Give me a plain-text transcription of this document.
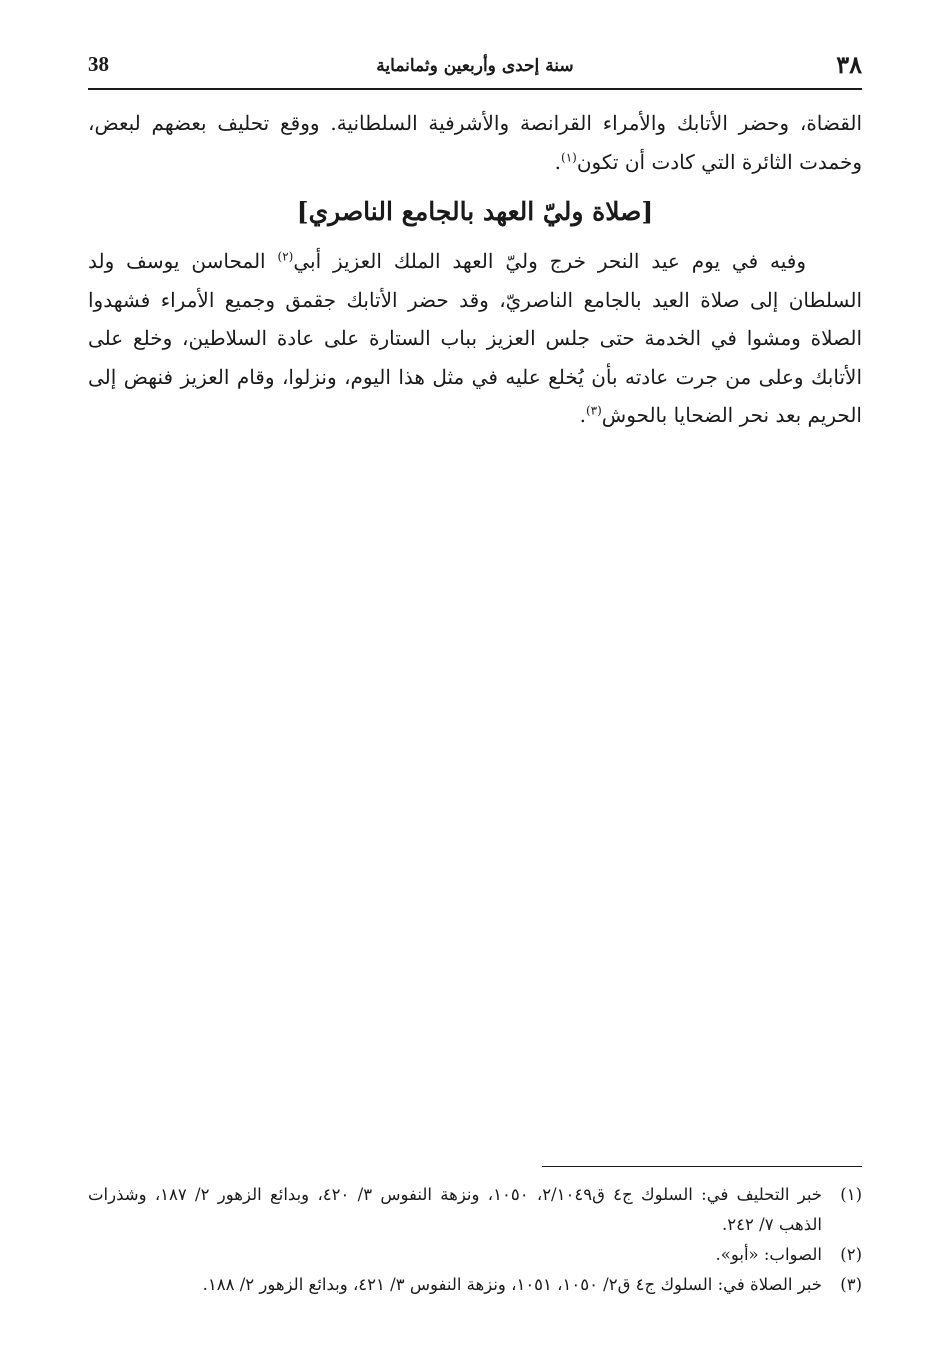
38	سنة إحدى وأربعين وثمانماية	٣٨

القضاة، وحضر الأتابك والأمراء القرانصة والأشرفية السلطانية. ووقع تحليف بعضهم لبعض، وخمدت الثائرة التي كادت أن تكون$^{(١)}$.

[صلاة وليّ العهد بالجامع الناصري]

وفيه في يوم عيد النحر خرج وليّ العهد الملك العزيز أبي$^{(٢)}$ المحاسن يوسف ولد السلطان إلى صلاة العيد بالجامع الناصريّ، وقد حضر الأتابك جقمق وجميع الأمراء فشهدوا الصلاة ومشوا في الخدمة حتى جلس العزيز بباب الستارة على عادة السلاطين، وخلع على الأتابك وعلى من جرت عادته بأن يُخلع عليه في مثل هذا اليوم، ونزلوا، وقام العزيز فنهض إلى الحريم بعد نحر الضحايا بالحوش$^{(٣)}$.

(١)
خبر التحليف في: السلوك ج٤ ق٢/١٠٤٩، ١٠٥٠، ونزهة النفوس ٣/ ٤٢٠، وبدائع الزهور ٢/ ١٨٧، وشذرات الذهب ٧/ ٢٤٢.
(٢)
الصواب: «أبو».
(٣)
خبر الصلاة في: السلوك ج٤ ق٢/ ١٠٥٠، ١٠٥١، ونزهة النفوس ٣/ ٤٢١، وبدائع الزهور ٢/ ١٨٨.
